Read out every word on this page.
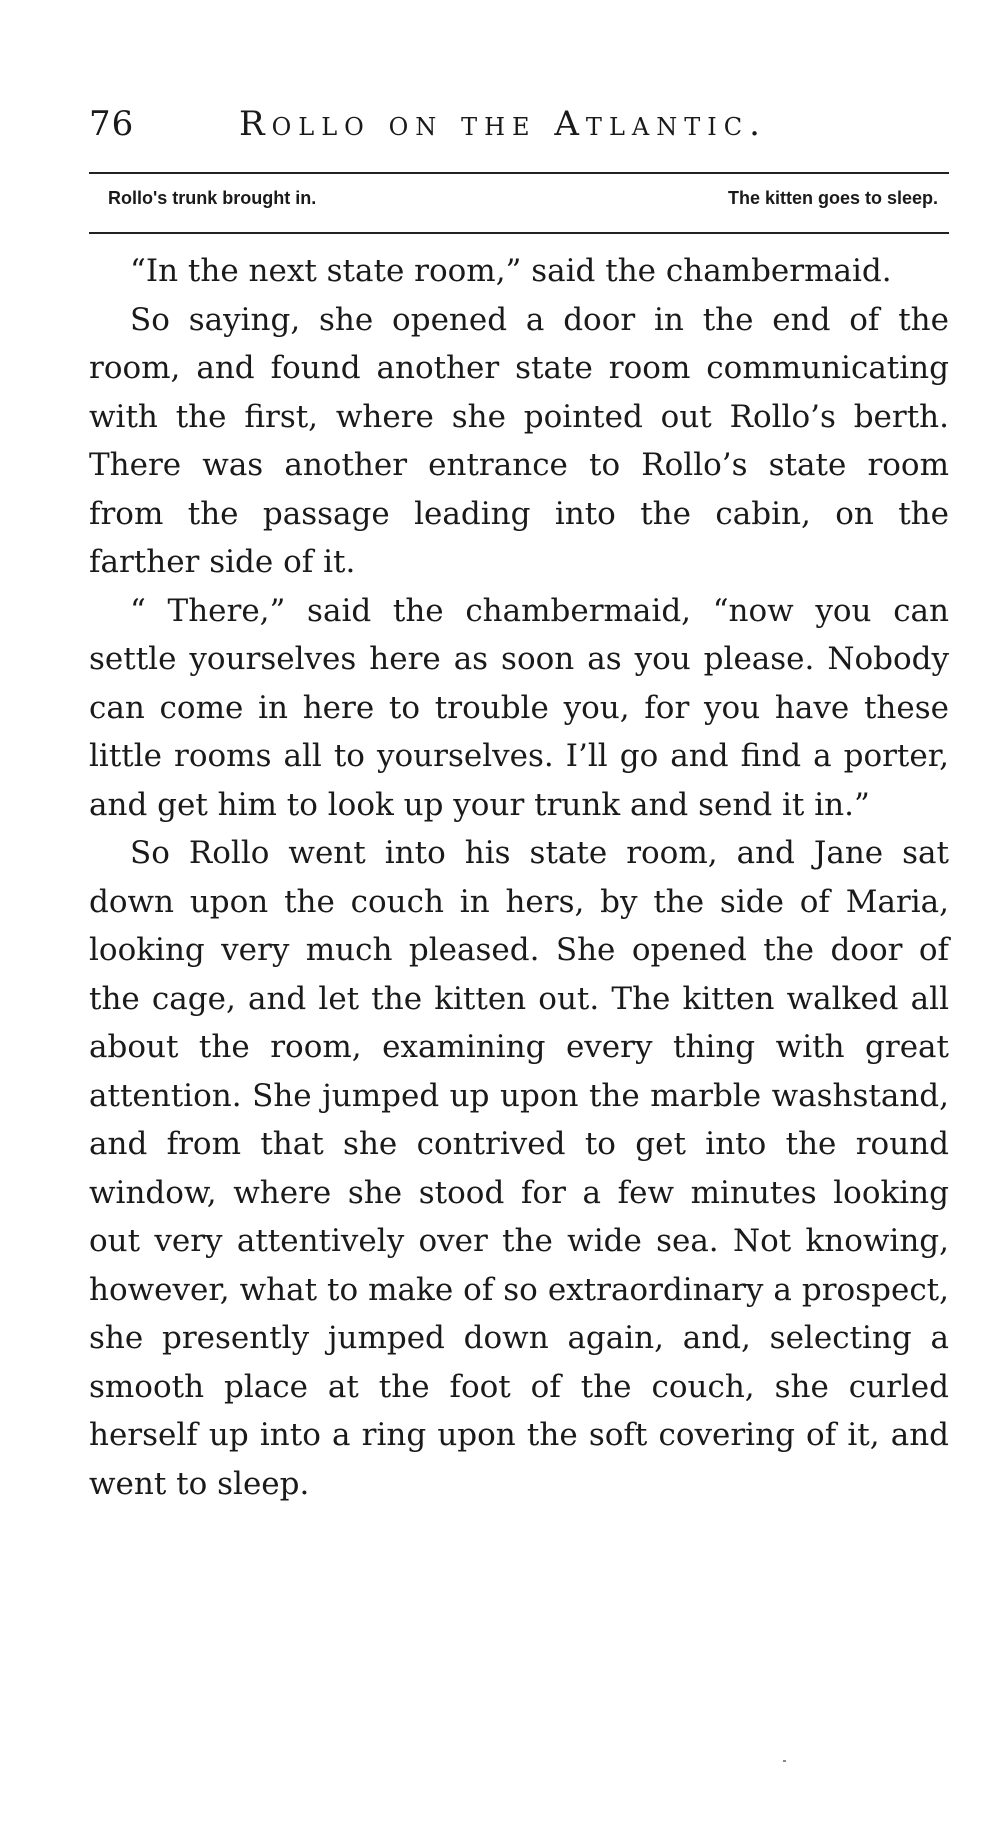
76	Rollo on the Atlantic.
Rollo's trunk brought in.	The kitten goes to sleep.

“In the next state room,” said the chambermaid.

So saying, she opened a door in the end of the room, and found another state room communicating with the first, where she pointed out Rollo’s berth. There was another entrance to Rollo’s state room from the passage leading into the cabin, on the farther side of it.

“ There,” said the chambermaid, “now you can settle yourselves here as soon as you please. Nobody can come in here to trouble you, for you have these little rooms all to yourselves. I’ll go and find a porter, and get him to look up your trunk and send it in.”

So Rollo went into his state room, and Jane sat down upon the couch in hers, by the side of Maria, looking very much pleased. She opened the door of the cage, and let the kitten out. The kitten walked all about the room, examining every thing with great attention. She jumped up upon the marble washstand, and from that she contrived to get into the round window, where she stood for a few minutes looking out very attentively over the wide sea. Not knowing, however, what to make of so extraordinary a prospect, she presently jumped down again, and, selecting a smooth place at the foot of the couch, she curled herself up into a ring upon the soft covering of it, and went to sleep.
